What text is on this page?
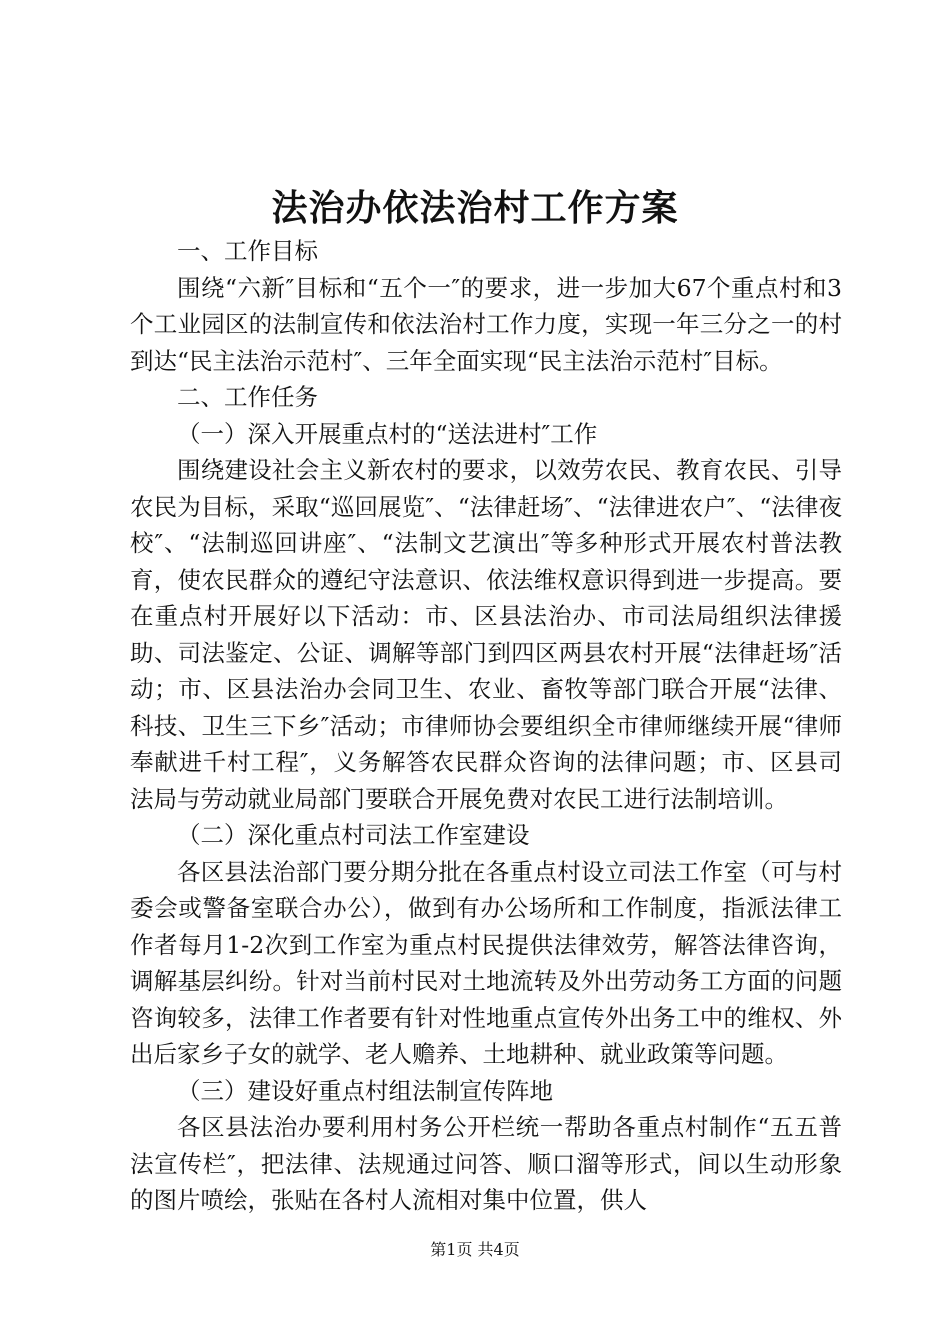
法治办依法治村工作方案

一、工作目标

围绕“六新″目标和“五个一″的要求，进一步加大67个重点村和3个工业园区的法制宣传和依法治村工作力度，实现一年三分之一的村到达“民主法治示范村″、三年全面实现“民主法治示范村″目标。

二、工作任务

（一）深入开展重点村的“送法进村″工作

围绕建设社会主义新农村的要求，以效劳农民、教育农民、引导农民为目标，采取“巡回展览″、“法律赶场″、“法律进农户″、“法律夜校″、“法制巡回讲座″、“法制文艺演出″等多种形式开展农村普法教育，使农民群众的遵纪守法意识、依法维权意识得到进一步提高。要在重点村开展好以下活动：市、区县法治办、市司法局组织法律援助、司法鉴定、公证、调解等部门到四区两县农村开展“法律赶场″活动；市、区县法治办会同卫生、农业、畜牧等部门联合开展“法律、科技、卫生三下乡″活动；市律师协会要组织全市律师继续开展“律师奉献进千村工程″，义务解答农民群众咨询的法律问题；市、区县司法局与劳动就业局部门要联合开展免费对农民工进行法制培训。

（二）深化重点村司法工作室建设

各区县法治部门要分期分批在各重点村设立司法工作室（可与村委会或警备室联合办公），做到有办公场所和工作制度，指派法律工作者每月1-2次到工作室为重点村民提供法律效劳，解答法律咨询，调解基层纠纷。针对当前村民对土地流转及外出劳动务工方面的问题咨询较多，法律工作者要有针对性地重点宣传外出务工中的维权、外出后家乡子女的就学、老人赡养、土地耕种、就业政策等问题。

（三）建设好重点村组法制宣传阵地

各区县法治办要利用村务公开栏统一帮助各重点村制作“五五普法宣传栏″，把法律、法规通过问答、顺口溜等形式，间以生动形象的图片喷绘，张贴在各村人流相对集中位置，供人

第1页 共4页
